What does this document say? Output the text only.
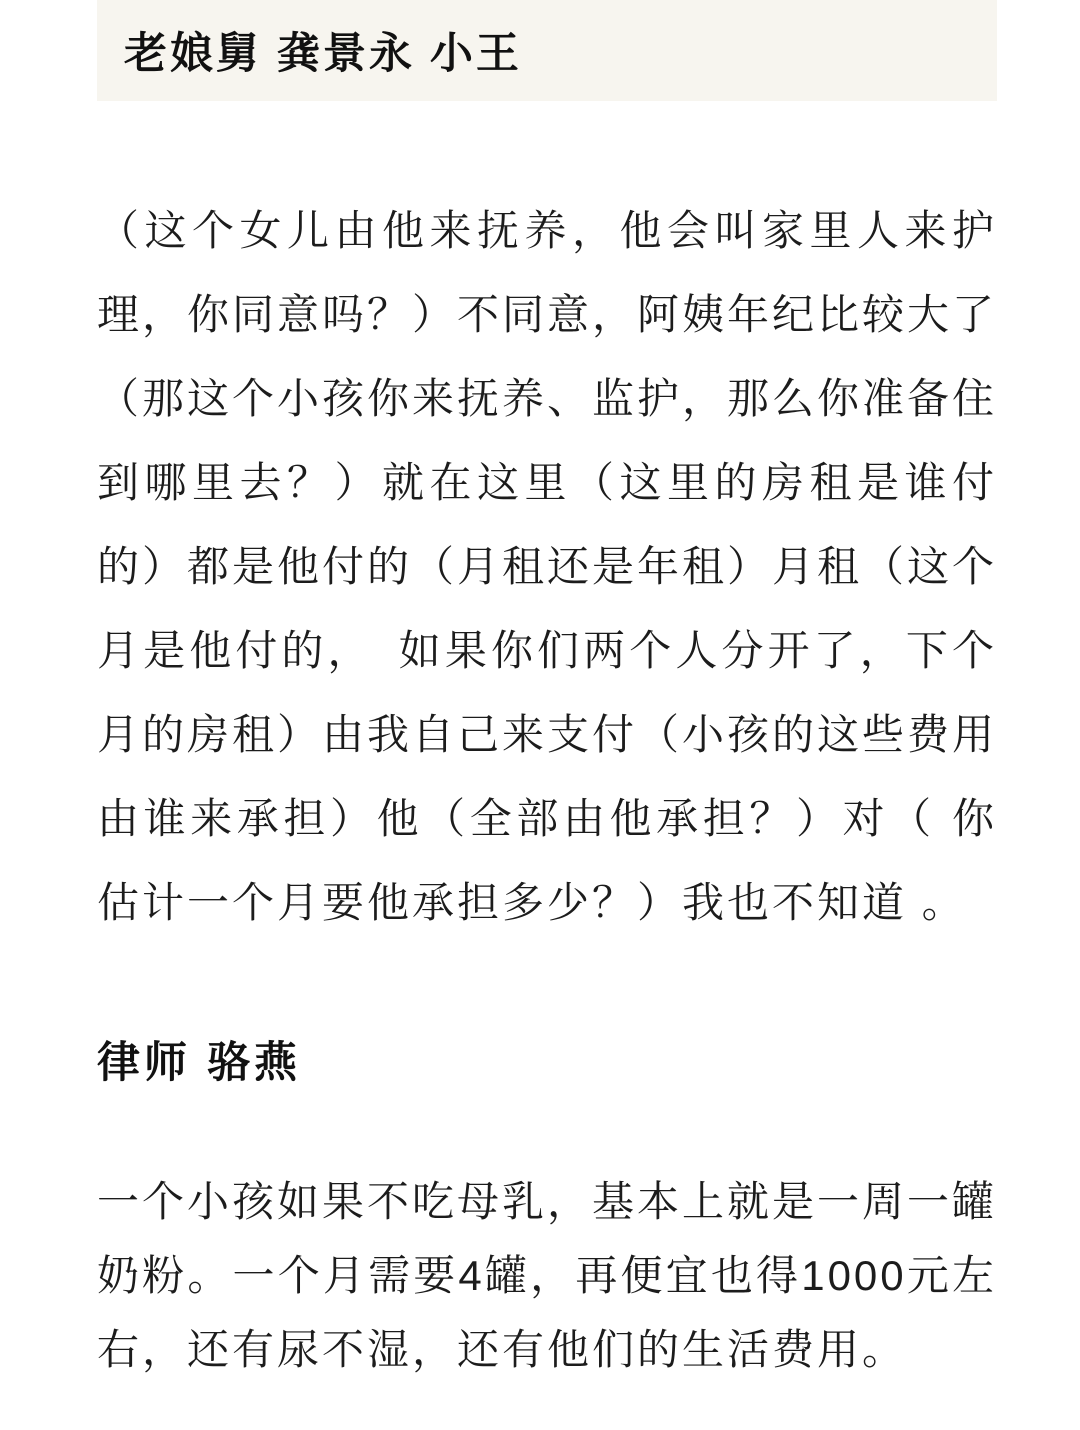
老娘舅 龚景永 小王
（这个女儿由他来抚养，他会叫家里人来护
理，你同意吗？）不同意，阿姨年纪比较大了
（那这个小孩你来抚养、监护，那么你准备住
到哪里去？）就在这里（这里的房租是谁付
的）都是他付的（月租还是年租）月租（这个
月是他付的，　如果你们两个人分开了，下个
月的房租）由我自己来支付（小孩的这些费用
由谁来承担）他（全部由他承担？）对（ 你
估计一个月要他承担多少？）我也不知道 。
律师 骆燕
一个小孩如果不吃母乳，基本上就是一周一罐
奶粉。一个月需要4罐，再便宜也得1000元左
右，还有尿不湿，还有他们的生活费用。
